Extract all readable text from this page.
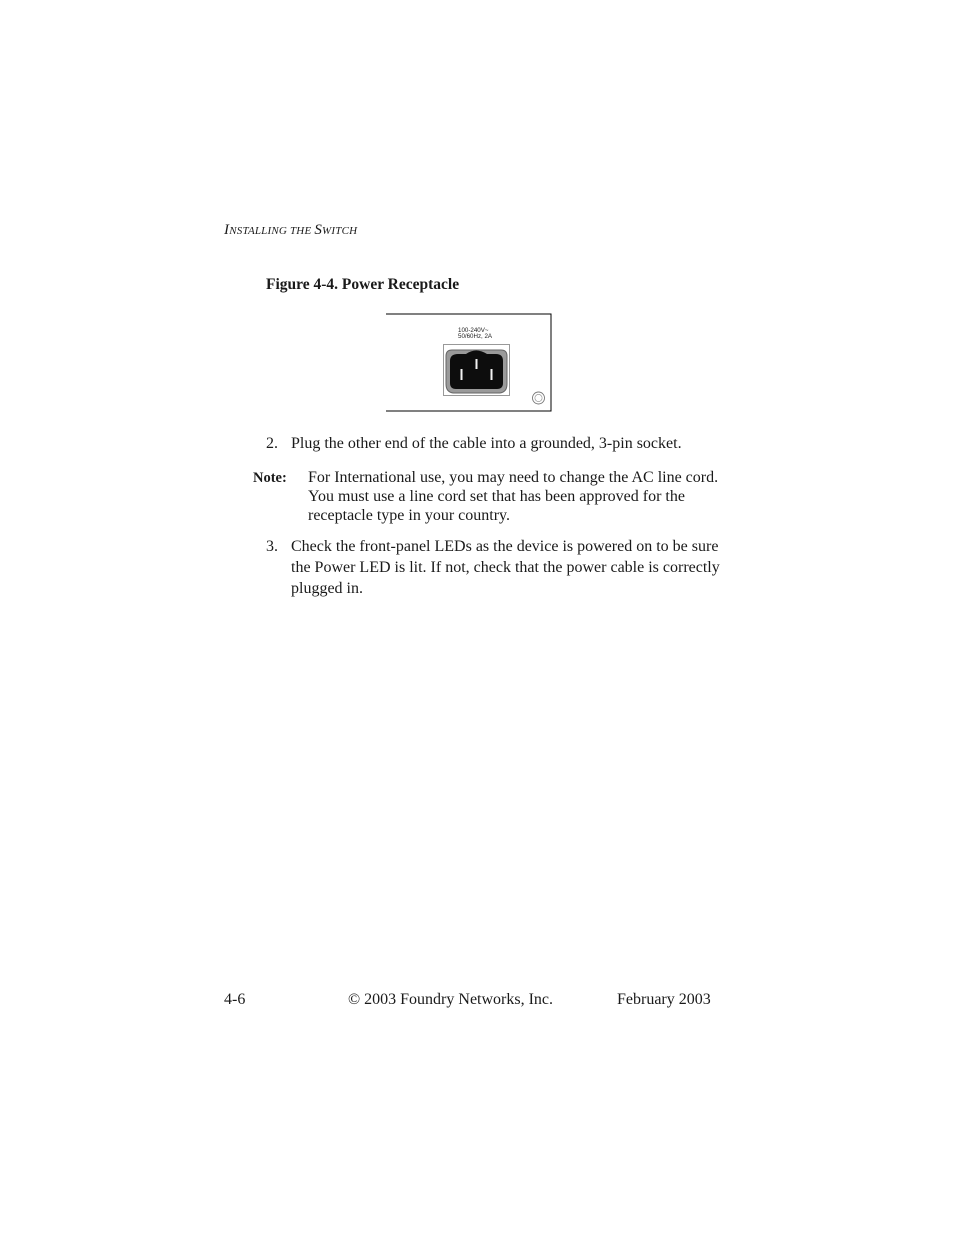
INSTALLING THE SWITCH
Figure 4-4. Power Receptacle
100-240V~
50/60Hz, 2A
2. Plug the other end of the cable into a grounded, 3-pin socket.
Note: For International use, you may need to change the AC line cord. You must use a line cord set that has been approved for the receptacle type in your country.
3. Check the front-panel LEDs as the device is powered on to be sure the Power LED is lit. If not, check that the power cable is correctly plugged in.
4-6	© 2003 Foundry Networks, Inc.	February 2003
